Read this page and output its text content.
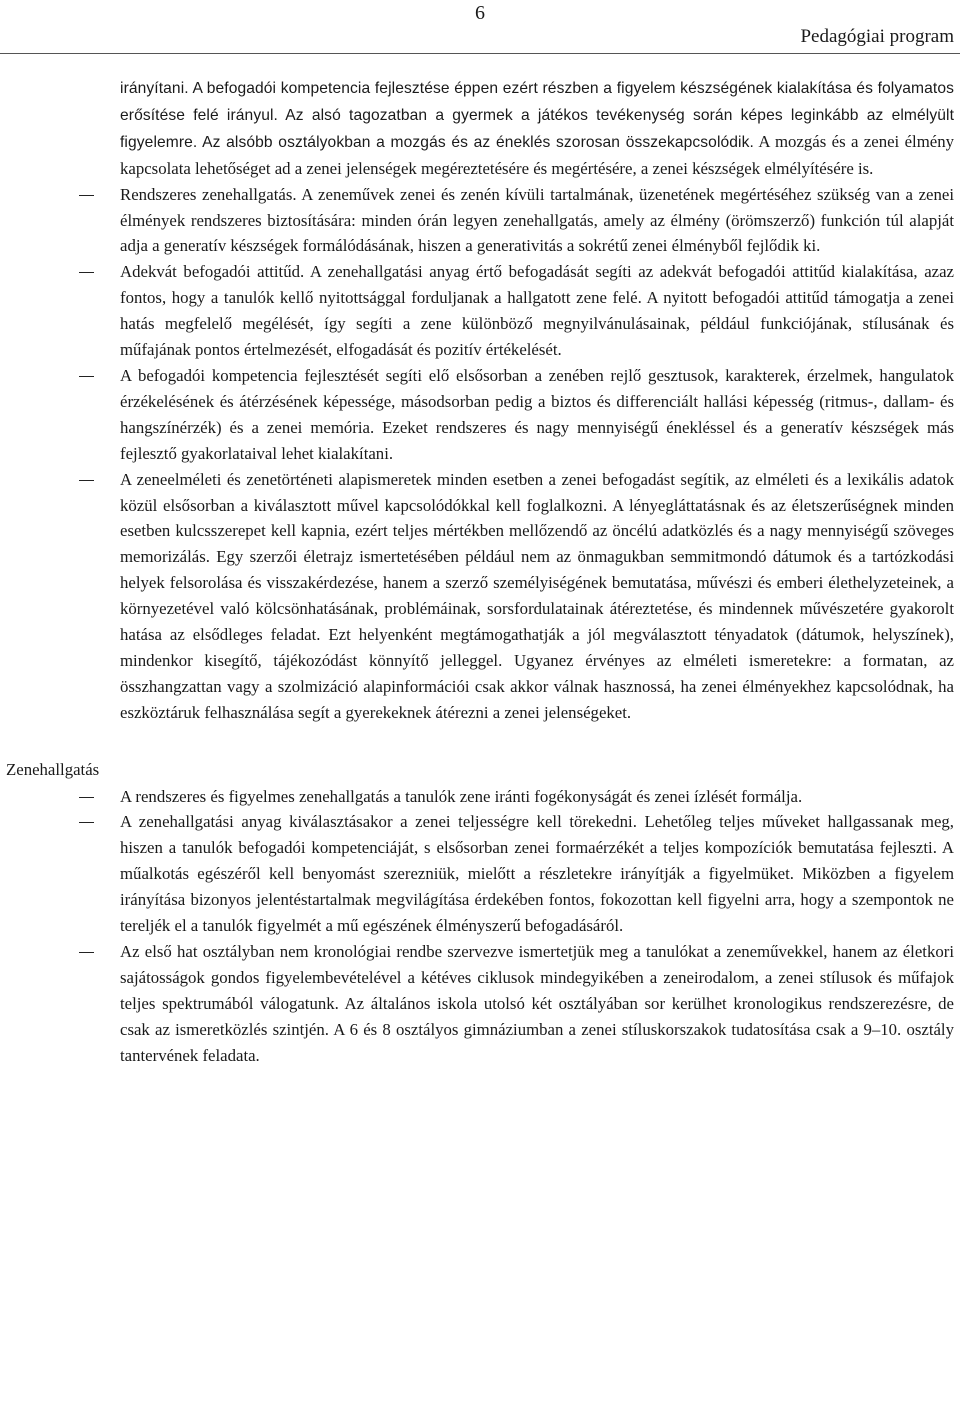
6
Pedagógiai program

irányítani. A befogadói kompetencia fejlesztése éppen ezért részben a figyelem készségének kialakítása és folyamatos erősítése felé irányul. Az alsó tagozatban a gyermek a játékos tevékenység során képes leginkább az elmélyült figyelemre. Az alsóbb osztályokban a mozgás és az éneklés szorosan összekapcsolódik. A mozgás és a zenei élmény kapcsolata lehetőséget ad a zenei jelenségek megéreztetésére és megértésére, a zenei készségek elmélyítésére is.

Rendszeres zenehallgatás. A zeneművek zenei és zenén kívüli tartalmának, üzenetének megértéséhez szükség van a zenei élmények rendszeres biztosítására: minden órán legyen zenehallgatás, amely az élmény (örömszerző) funkción túl alapját adja a generatív készségek formálódásának, hiszen a generativitás a sokrétű zenei élményből fejlődik ki.

Adekvát befogadói attitűd. A zenehallgatási anyag értő befogadását segíti az adekvát befogadói attitűd kialakítása, azaz fontos, hogy a tanulók kellő nyitottsággal forduljanak a hallgatott zene felé. A nyitott befogadói attitűd támogatja a zenei hatás megfelelő megélését, így segíti a zene különböző megnyilvánulásainak, például funkciójának, stílusának és műfajának pontos értelmezését, elfogadását és pozitív értékelését.

A befogadói kompetencia fejlesztését segíti elő elsősorban a zenében rejlő gesztusok, karakterek, érzelmek, hangulatok érzékelésének és átérzésének képessége, másodsorban pedig a biztos és differenciált hallási képesség (ritmus-, dallam- és hangszínérzék) és a zenei memória. Ezeket rendszeres és nagy mennyiségű énekléssel és a generatív készségek más fejlesztő gyakorlataival lehet kialakítani.

A zeneelméleti és zenetörténeti alapismeretek minden esetben a zenei befogadást segítik, az elméleti és a lexikális adatok közül elsősorban a kiválasztott művel kapcsolódókkal kell foglalkozni. A lényegláttatásnak és az életszerűségnek minden esetben kulcsszerepet kell kapnia, ezért teljes mértékben mellőzendő az öncélú adatközlés és a nagy mennyiségű szöveges memorizálás. Egy szerzői életrajz ismertetésében például nem az önmagukban semmitmondó dátumok és a tartózkodási helyek felsorolása és visszakérdezése, hanem a szerző személyiségének bemutatása, művészi és emberi élethelyzeteinek, a környezetével való kölcsönhatásának, problémáinak, sorsfordulatainak átéreztetése, és mindennek művészetére gyakorolt hatása az elsődleges feladat. Ezt helyenként megtámogathatják a jól megválasztott tényadatok (dátumok, helyszínek), mindenkor kisegítő, tájékozódást könnyítő jelleggel. Ugyanez érvényes az elméleti ismeretekre: a formatan, az összhangzattan vagy a szolmizáció alapinformációi csak akkor válnak hasznossá, ha zenei élményekhez kapcsolódnak, ha eszköztáruk felhasználása segít a gyerekeknek átérezni a zenei jelenségeket.

Zenehallgatás

A rendszeres és figyelmes zenehallgatás a tanulók zene iránti fogékonyságát és zenei ízlését formálja.

A zenehallgatási anyag kiválasztásakor a zenei teljességre kell törekedni. Lehetőleg teljes műveket hallgassanak meg, hiszen a tanulók befogadói kompetenciáját, s elsősorban zenei formaérzékét a teljes kompozíciók bemutatása fejleszti. A műalkotás egészéről kell benyomást szerezniük, mielőtt a részletekre irányítják a figyelmüket. Miközben a figyelem irányítása bizonyos jelentéstartalmak megvilágítása érdekében fontos, fokozottan kell figyelni arra, hogy a szempontok ne tereljék el a tanulók figyelmét a mű egészének élményszerű befogadásáról.

Az első hat osztályban nem kronológiai rendbe szervezve ismertetjük meg a tanulókat a zeneművekkel, hanem az életkori sajátosságok gondos figyelembevételével a kétéves ciklusok mindegyikében a zeneirodalom, a zenei stílusok és műfajok teljes spektrumából válogatunk. Az általános iskola utolsó két osztályában sor kerülhet kronologikus rendszerezésre, de csak az ismeretközlés szintjén. A 6 és 8 osztályos gimnáziumban a zenei stíluskorszakok tudatosítása csak a 9–10. osztály tantervének feladata.
